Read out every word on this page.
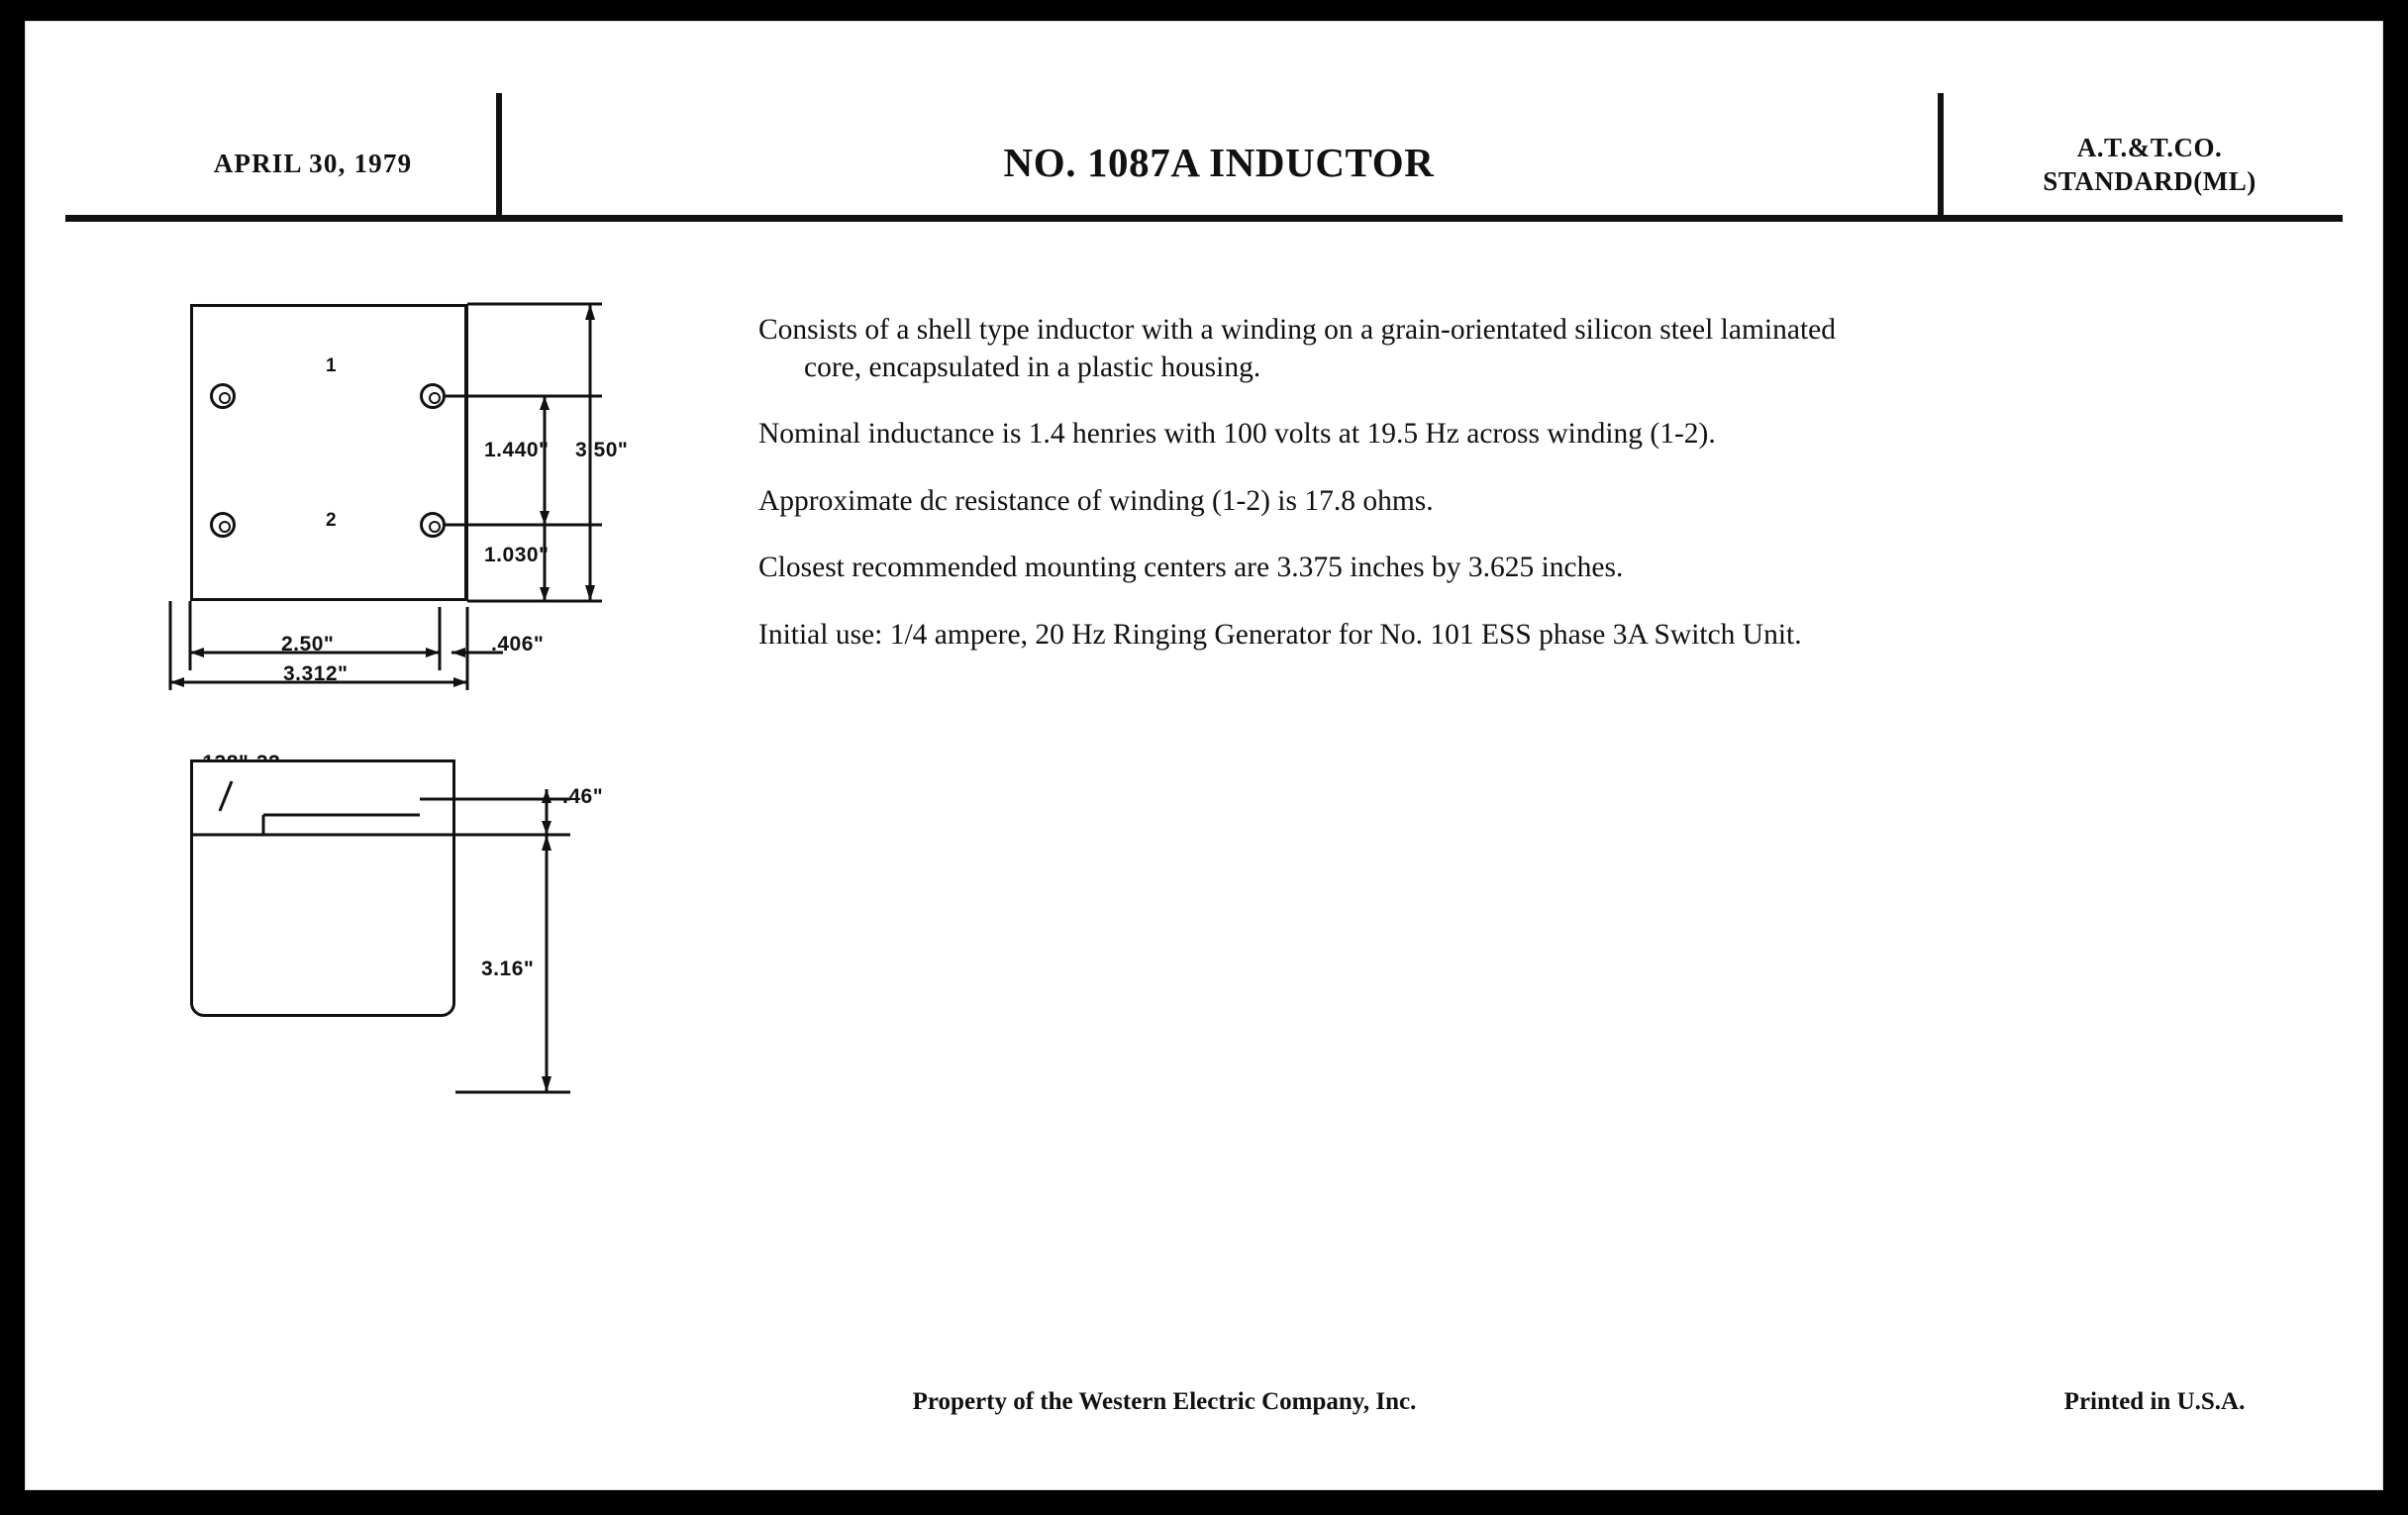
APRIL 30, 1979	NO. 1087A INDUCTOR	A.T.&T.CO.
STANDARD(ML)

Consists of a shell type inductor with a winding on a grain-orientated silicon steel laminated
core, encapsulated in a plastic housing.

Nominal inductance is 1.4 henries with 100 volts at 19.5 Hz across winding (1-2).

Approximate dc resistance of winding (1-2) is 17.8 ohms.

Closest recommended mounting centers are 3.375 inches by 3.625 inches.

Initial use: 1/4 ampere, 20 Hz Ringing Generator for No. 101 ESS phase 3A Switch Unit.

1
2
1.440" 3.50"
1.030"
2.50"	.406"
3.312"
.46"
3.16"
Property of the Western Electric Company, Inc.	Printed in U.S.A.
